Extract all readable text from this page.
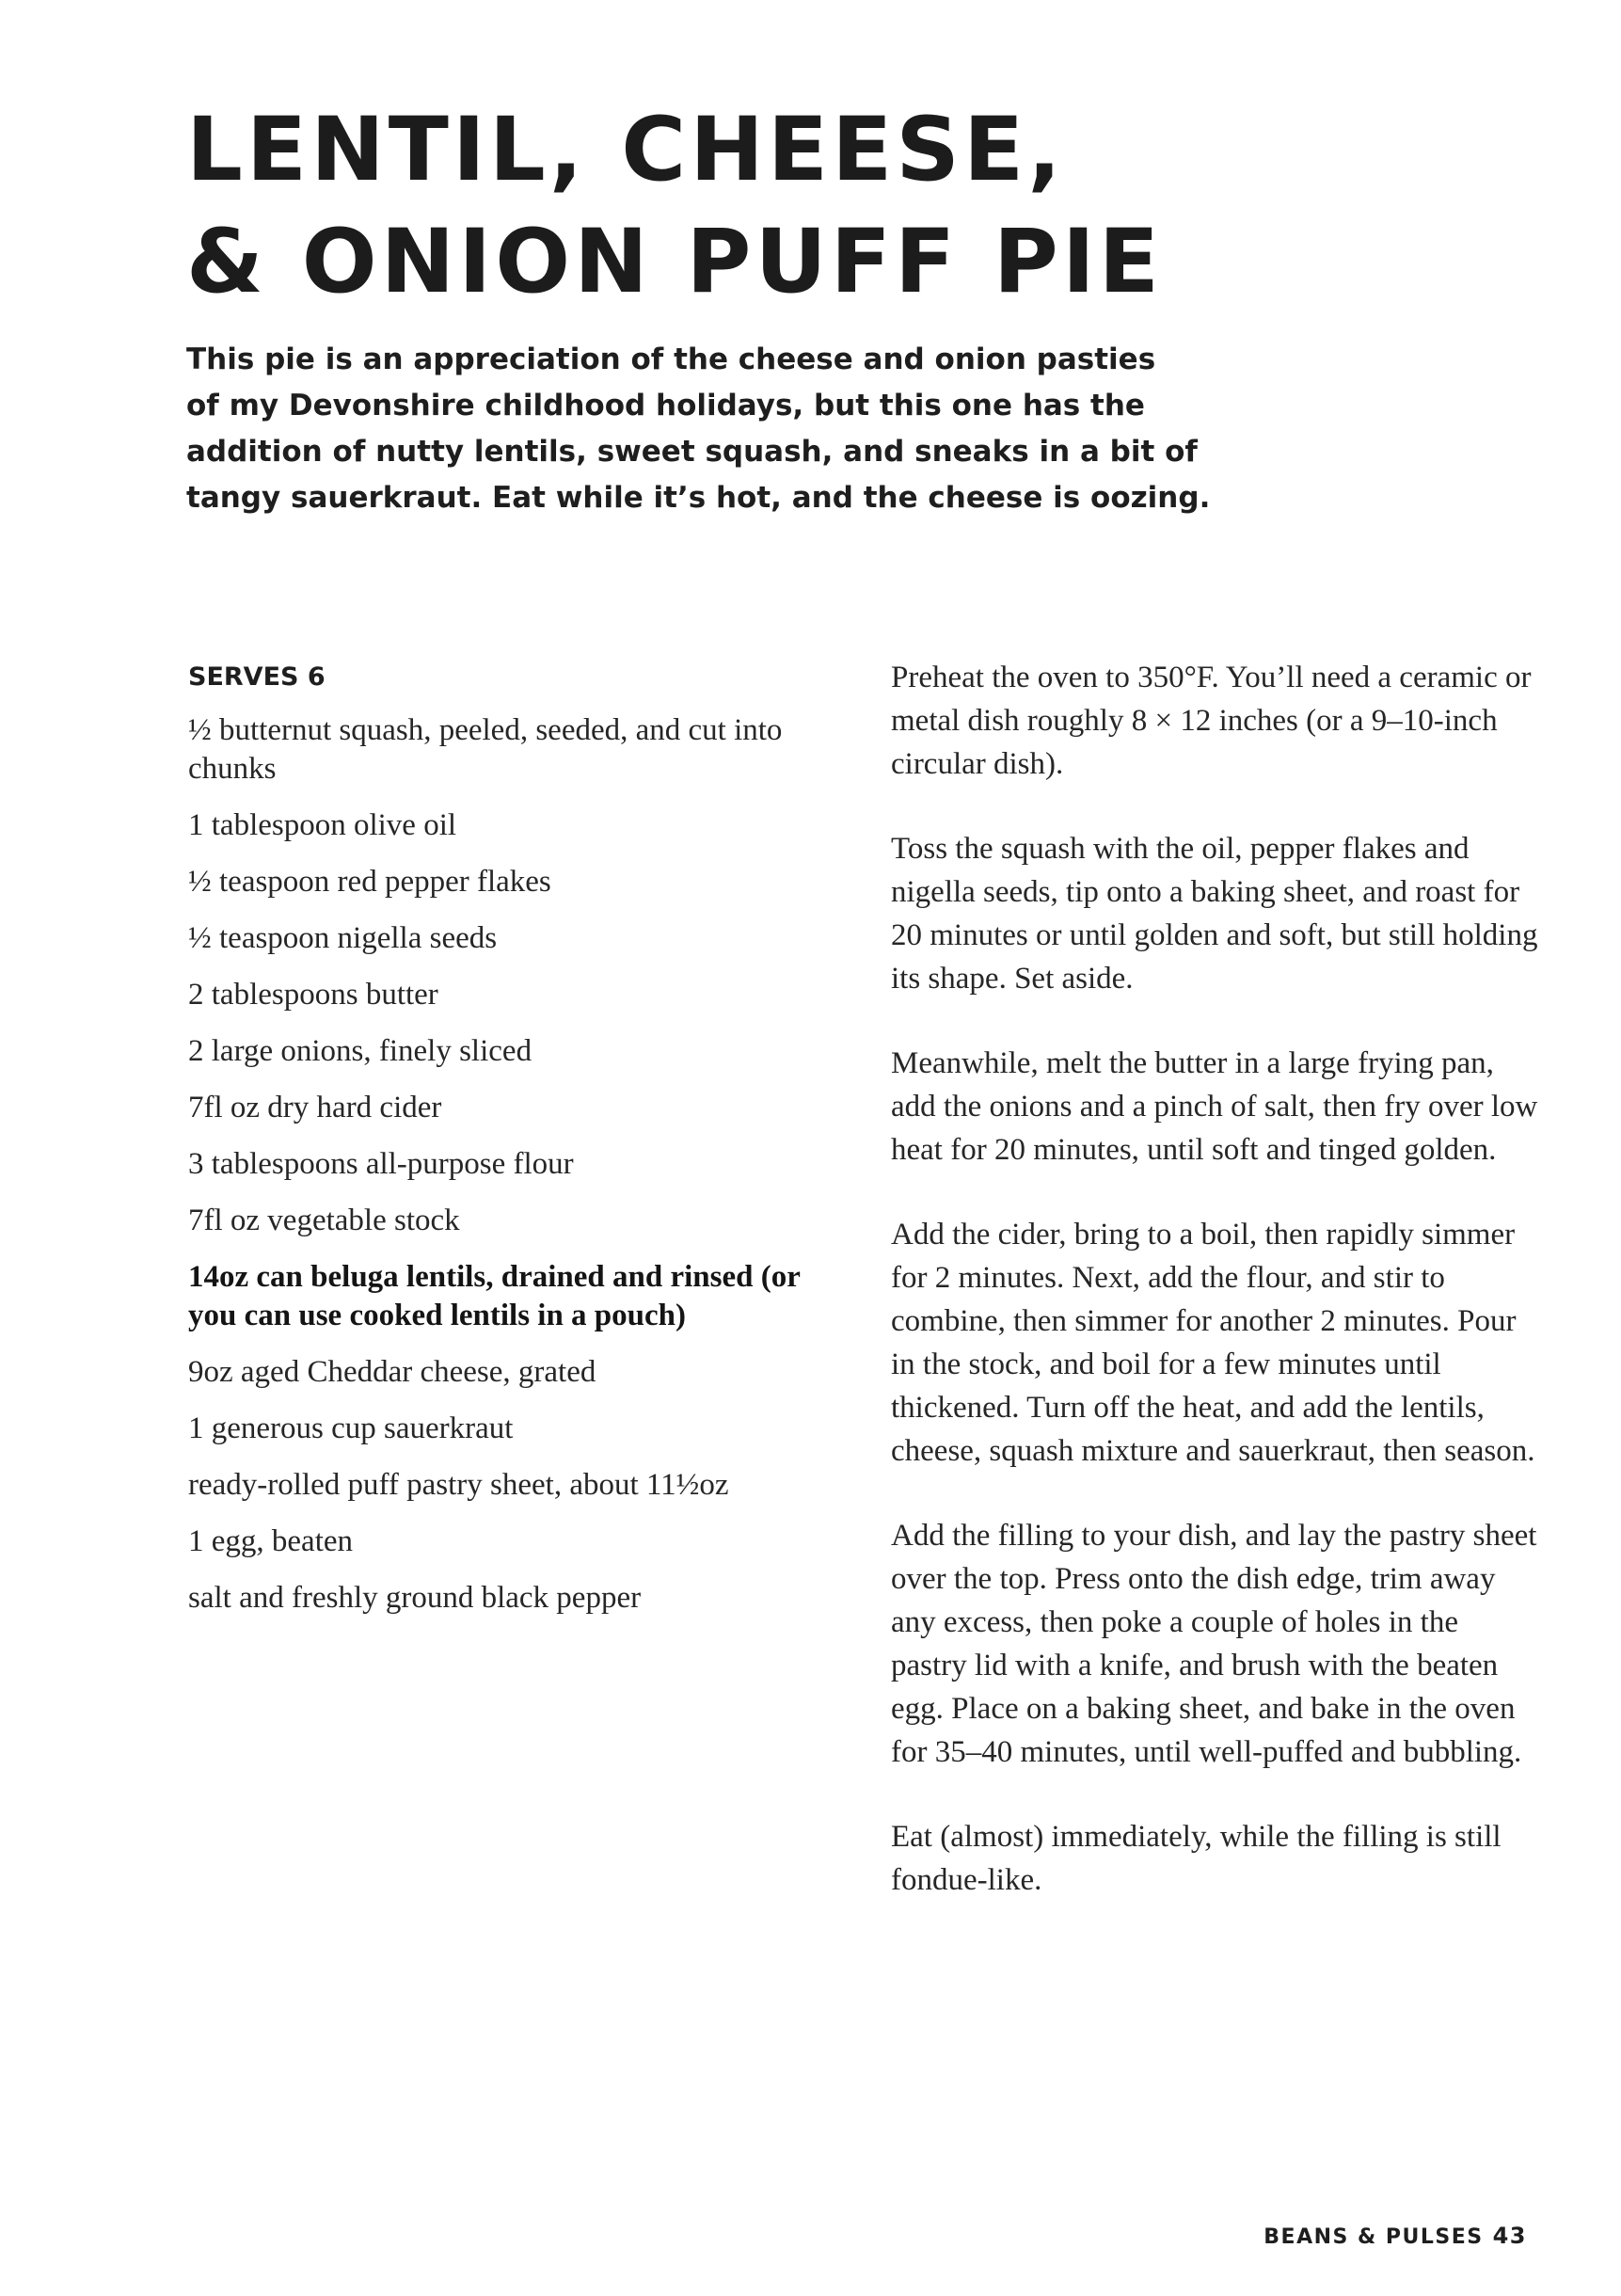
LENTIL, CHEESE,
& ONION PUFF PIE

This pie is an appreciation of the cheese and onion pasties
of my Devonshire childhood holidays, but this one has the
addition of nutty lentils, sweet squash, and sneaks in a bit of
tangy sauerkraut. Eat while it’s hot, and the cheese is oozing.

SERVES 6
½ butternut squash, peeled, seeded, and cut into chunks
1 tablespoon olive oil
½ teaspoon red pepper flakes
½ teaspoon nigella seeds
2 tablespoons butter
2 large onions, finely sliced
7fl oz dry hard cider
3 tablespoons all-purpose flour
7fl oz vegetable stock
14oz can beluga lentils, drained and rinsed (or you can use cooked lentils in a pouch)
9oz aged Cheddar cheese, grated
1 generous cup sauerkraut
ready-rolled puff pastry sheet, about 11½oz
1 egg, beaten
salt and freshly ground black pepper

Preheat the oven to 350°F. You’ll need a ceramic or metal dish roughly 8 × 12 inches (or a 9–10-inch circular dish).

Toss the squash with the oil, pepper flakes and nigella seeds, tip onto a baking sheet, and roast for 20 minutes or until golden and soft, but still holding its shape. Set aside.

Meanwhile, melt the butter in a large frying pan, add the onions and a pinch of salt, then fry over low heat for 20 minutes, until soft and tinged golden.

Add the cider, bring to a boil, then rapidly simmer for 2 minutes. Next, add the flour, and stir to combine, then simmer for another 2 minutes. Pour in the stock, and boil for a few minutes until thickened. Turn off the heat, and add the lentils, cheese, squash mixture and sauerkraut, then season.

Add the filling to your dish, and lay the pastry sheet over the top. Press onto the dish edge, trim away any excess, then poke a couple of holes in the pastry lid with a knife, and brush with the beaten egg. Place on a baking sheet, and bake in the oven for 35–40 minutes, until well-puffed and bubbling.

Eat (almost) immediately, while the filling is still fondue-like.

BEANS & PULSES 43
